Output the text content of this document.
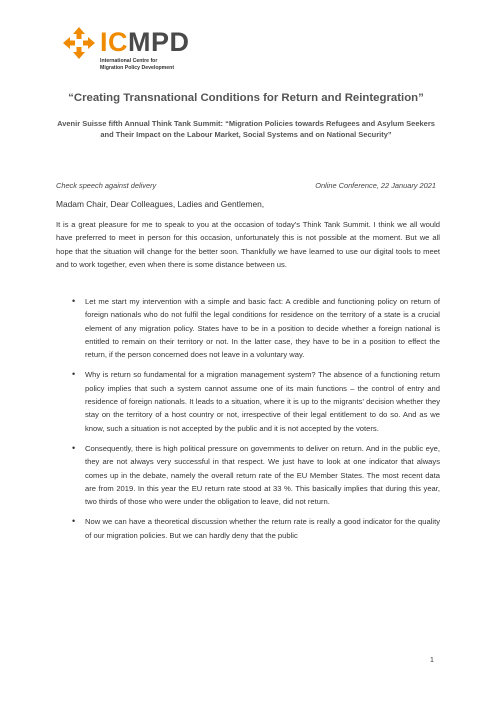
ICMPD
International Centre for
Migration Policy Development
“Creating Transnational Conditions for Return and Reintegration”
Avenir Suisse fifth Annual Think Tank Summit: “Migration Policies towards Refugees and Asylum Seekers and Their Impact on the Labour Market, Social Systems and on National Security”
Check speech against delivery	Online Conference, 22 January 2021
Madam Chair, Dear Colleagues, Ladies and Gentlemen,
It is a great pleasure for me to speak to you at the occasion of today’s Think Tank Summit. I think we all would have preferred to meet in person for this occasion, unfortunately this is not possible at the moment. But we all hope that the situation will change for the better soon. Thankfully we have learned to use our digital tools to meet and to work together, even when there is some distance between us.
• Let me start my intervention with a simple and basic fact: A credible and functioning policy on return of foreign nationals who do not fulfil the legal conditions for residence on the territory of a state is a crucial element of any migration policy. States have to be in a position to decide whether a foreign national is entitled to remain on their territory or not. In the latter case, they have to be in a position to effect the return, if the person concerned does not leave in a voluntary way.
• Why is return so fundamental for a migration management system? The absence of a functioning return policy implies that such a system cannot assume one of its main functions – the control of entry and residence of foreign nationals. It leads to a situation, where it is up to the migrants’ decision whether they stay on the territory of a host country or not, irrespective of their legal entitlement to do so. And as we know, such a situation is not accepted by the public and it is not accepted by the voters.
• Consequently, there is high political pressure on governments to deliver on return. And in the public eye, they are not always very successful in that respect. We just have to look at one indicator that always comes up in the debate, namely the overall return rate of the EU Member States. The most recent data are from 2019. In this year the EU return rate stood at 33 %. This basically implies that during this year, two thirds of those who were under the obligation to leave, did not return.
• Now we can have a theoretical discussion whether the return rate is really a good indicator for the quality of our migration policies. But we can hardly deny that the public
1
